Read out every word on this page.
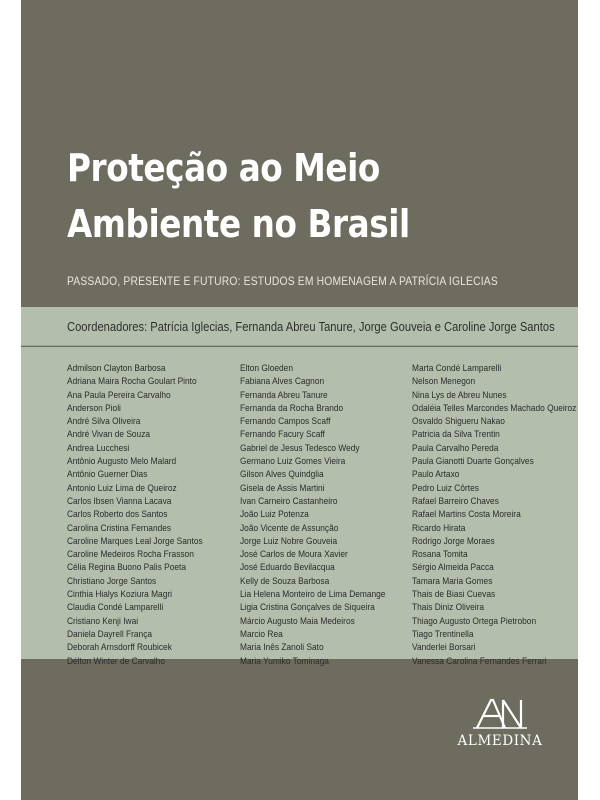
Proteção ao Meio
Ambiente no Brasil
PASSADO, PRESENTE E FUTURO: ESTUDOS EM HOMENAGEM A PATRÍCIA IGLECIAS
Coordenadores: Patrícia Iglecias, Fernanda Abreu Tanure, Jorge Gouveia e Caroline Jorge Santos
Admilson Clayton Barbosa
Adriana Maira Rocha Goulart Pinto
Ana Paula Pereira Carvalho
Anderson Pioli
André Silva Oliveira
André Vivan de Souza
Andrea Lucchesi
Antônio Augusto Melo Malard
Antônio Guerner Dias
Antonio Luiz Lima de Queiroz
Carlos Ibsen Vianna Lacava
Carlos Roberto dos Santos
Carolina Cristina Fernandes
Caroline Marques Leal Jorge Santos
Caroline Medeiros Rocha Frasson
Célia Regina Buono Palis Poeta
Christiano Jorge Santos
Cinthia Hialys Koziura Magri
Claudia Condé Lamparelli
Cristiano Kenji Iwai
Daniela Dayrell França
Deborah Arnsdorff Roubicek
Délton Winter de Carvalho
Elton Gloeden
Fabiana Alves Cagnon
Fernanda Abreu Tanure
Fernanda da Rocha Brando
Fernando Campos Scaff
Fernando Facury Scaff
Gabriel de Jesus Tedesco Wedy
Germano Luiz Gomes Vieira
Gilson Alves Quindglia
Gisela de Assis Martini
Ivan Carneiro Castanheiro
João Luiz Potenza
João Vicente de Assunção
Jorge Luiz Nobre Gouveia
José Carlos de Moura Xavier
José Eduardo Bevilacqua
Kelly de Souza Barbosa
Lia Helena Monteiro de Lima Demange
Ligia Cristina Gonçalves de Siqueira
Márcio Augusto Maia Medeiros
Marcio Rea
Maria Inês Zanoli Sato
Maria Yumiko Tominaga
Marta Condé Lamparelli
Nelson Menegon
Nina Lys de Abreu Nunes
Odaléia Telles Marcondes Machado Queiroz
Osvaldo Shigueru Nakao
Patricia da Silva Trentin
Paula Carvalho Pereda
Paula Gianotti Duarte Gonçalves
Paulo Artaxo
Pedro Luiz Côrtes
Rafael Barreiro Chaves
Rafael Martins Costa Moreira
Ricardo Hirata
Rodrigo Jorge Moraes
Rosana Tomita
Sérgio Almeida Pacca
Tamara Maria Gomes
Thais de Biasi Cuevas
Thais Diniz Oliveira
Thiago Augusto Ortega Pietrobon
Tiago Trentinella
Vanderlei Borsari
Vanessa Carolina Fernandes Ferrari
ALMEDINA
